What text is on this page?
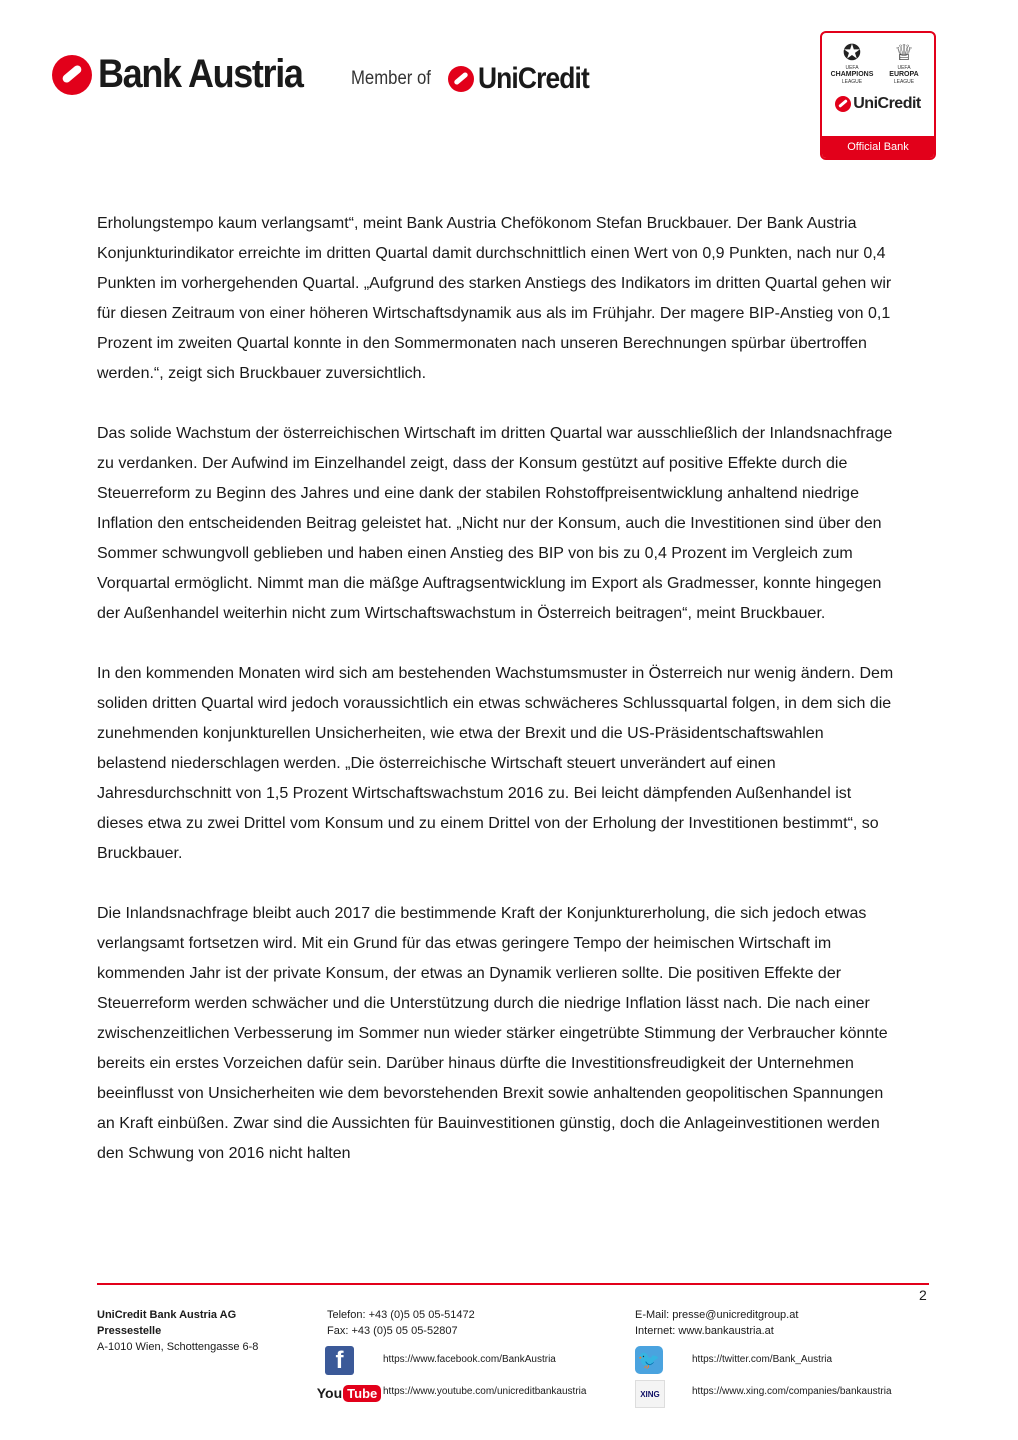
Bank Austria	Member of UniCredit
✪
UEFA
CHAMPIONS
LEAGUE
♕
UEFA
EUROPA
LEAGUE
UniCredit
Official Bank

Erholungstempo kaum verlangsamt“, meint Bank Austria Chefökonom Stefan Bruckbauer. Der Bank Austria Konjunkturindikator erreichte im dritten Quartal damit durchschnittlich einen Wert von 0,9 Punkten, nach nur 0,4 Punkten im vorhergehenden Quartal. „Aufgrund des starken Anstiegs des Indikators im dritten Quartal gehen wir für diesen Zeitraum von einer höheren Wirtschaftsdynamik aus als im Frühjahr. Der magere BIP-Anstieg von 0,1 Prozent im zweiten Quartal konnte in den Sommermonaten nach unseren Berechnungen spürbar übertroffen werden.“, zeigt sich Bruckbauer zuversichtlich.

Das solide Wachstum der österreichischen Wirtschaft im dritten Quartal war ausschließlich der Inlandsnachfrage zu verdanken. Der Aufwind im Einzelhandel zeigt, dass der Konsum gestützt auf positive Effekte durch die Steuerreform zu Beginn des Jahres und eine dank der stabilen Rohstoffpreisentwicklung anhaltend niedrige Inflation den entscheidenden Beitrag geleistet hat. „Nicht nur der Konsum, auch die Investitionen sind über den Sommer schwungvoll geblieben und haben einen Anstieg des BIP von bis zu 0,4 Prozent im Vergleich zum Vorquartal ermöglicht. Nimmt man die mäßge Auftragsentwicklung im Export als Gradmesser, konnte hingegen der Außenhandel weiterhin nicht zum Wirtschaftswachstum in Österreich beitragen“, meint Bruckbauer.

In den kommenden Monaten wird sich am bestehenden Wachstumsmuster in Österreich nur wenig ändern. Dem soliden dritten Quartal wird jedoch voraussichtlich ein etwas schwächeres Schlussquartal folgen, in dem sich die zunehmenden konjunkturellen Unsicherheiten, wie etwa der Brexit und die US-Präsidentschaftswahlen belastend niederschlagen werden. „Die österreichische Wirtschaft steuert unverändert auf einen Jahresdurchschnitt von 1,5 Prozent Wirtschaftswachstum 2016 zu. Bei leicht dämpfenden Außenhandel ist dieses etwa zu zwei Drittel vom Konsum und zu einem Drittel von der Erholung der Investitionen bestimmt“, so Bruckbauer.

Die Inlandsnachfrage bleibt auch 2017 die bestimmende Kraft der Konjunkturerholung, die sich jedoch etwas verlangsamt fortsetzen wird. Mit ein Grund für das etwas geringere Tempo der heimischen Wirtschaft im kommenden Jahr ist der private Konsum, der etwas an Dynamik verlieren sollte. Die positiven Effekte der Steuerreform werden schwächer und die Unterstützung durch die niedrige Inflation lässt nach. Die nach einer zwischenzeitlichen Verbesserung im Sommer nun wieder stärker eingetrübte Stimmung der Verbraucher könnte bereits ein erstes Vorzeichen dafür sein. Darüber hinaus dürfte die Investitionsfreudigkeit der Unternehmen beeinflusst von Unsicherheiten wie dem bevorstehenden Brexit sowie anhaltenden geopolitischen Spannungen an Kraft einbüßen. Zwar sind die Aussichten für Bauinvestitionen günstig, doch die Anlageinvestitionen werden den Schwung von 2016 nicht halten

2
UniCredit Bank Austria AG
Pressestelle
A-1010 Wien, Schottengasse 6-8
Telefon: +43 (0)5 05 05-51472
Fax: +43 (0)5 05 05-52807
E-Mail: presse@unicreditgroup.at
Internet: www.bankaustria.at
f	https://www.facebook.com/BankAustria
You Tube https://www.youtube.com/unicreditbankaustria
🐦	https://twitter.com/Bank_Austria
XING	https://www.xing.com/companies/bankaustria
